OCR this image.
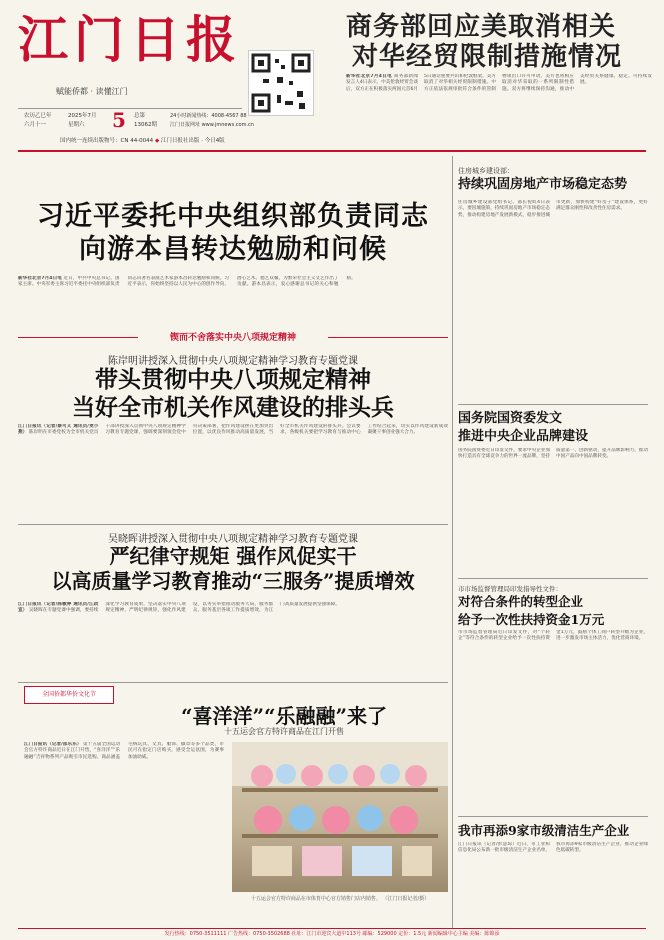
江门日报
赋能侨都 · 读懂江门
农历乙巳年
六月十一
2025年7月
星期六	5 总第
13062期
24小时新闻热线：4008-4567 88
江门日报网址 www.jmnews.com.cn
国内统一连续出版物号：CN 44-0044 ◆ 江门日报社出版 · 今日4版
商务部回应美取消相关
对华经贸限制措施情况
新华社北京7月4日电 商务部新闻发言人4日表示，中美伦敦经贸会谈后，双方正在积极落实两国元首6月5日通话重要共识和伦敦框架。美方取消了对华相关经贸限制措施。中方正依法依规审批符合条件的管制物项出口许可申请，美方也将相应取消对华采取的一系列限制性措施。双方将继续保持沟通，推动中美经贸关系健康、稳定、可持续发展。
习近平委托中央组织部负责同志
向游本昌转达勉励和问候
新华社北京7月4日电 近日，中共中央总书记、国家主席、中央军委主席习近平委托中央组织部负责同志向著名表演艺术家游本昌转达勉励和问候。习近平表示，你始终坚持以人民为中心的创作导向，潜心艺术、德艺双馨，为繁荣社会主义文艺作出了贡献。游本昌表示，衷心感谢总书记的关心和勉励。
锲而不舍落实中央八项规定精神
陈岸明讲授深入贯彻中央八项规定精神学习教育专题党课
带头贯彻中央八项规定精神
当好全市机关作风建设的排头兵
江门日报讯（记者/蔡可义 通讯员/麦小燕） 陈岸明在市委党校为全市机关党员干部讲授深入贯彻中央八项规定精神学习教育专题党课，强调要深刻领会党中央决策部署，把作风建设摆在更加突出位置，以优良作风推动高质量发展，当好全市机关作风建设的排头兵。会议要求，各级机关要把学习教育与推动中心工作结合起来，切实以作风建设新成效凝聚干事创业强大合力。
吴晓晖讲授深入贯彻中央八项规定精神学习教育专题党课
严纪律守规矩 强作风促实干
以高质量学习教育推动“三服务”提质增效
江门日报讯（记者/陈敏婷 通讯员/江政宣） 吴晓晖在专题党课中强调，要持续深化学习教育成果，坚决落实中央八项规定精神，严明纪律规矩，强化作风建设，以务实举措推动服务大局、服务群众、服务基层各项工作提质增效，为江门高质量发展提供坚强保障。
全国侨都华侨文化节
“喜洋洋”“乐融融”来了
十五运会官方特许商品在江门开售
江门日报讯（记者/邵乐乐） 第十五届全国运动会官方特许商品近日在江门开售，“喜洋洋”“乐融融”吉祥物系列产品吸引市民选购。商品涵盖毛绒玩具、文具、服饰、徽章等多个品类，市民可在指定门店购买，感受全运氛围，为赛事加油助威。
十五运会官方特许商品在市体育中心官方销售门店内销售。 （江门日报记者/摄）
住房城乡建设部：
持续巩固房地产市场稳定态势
住房城乡建设部党组书记、部长倪虹4日表示，要因城施策，持续巩固房地产市场稳定态势，推动构建房地产发展新模式，稳步推进城市更新，加快构建“好房子”建设体系，更好满足群众刚性和改善性住房需求。
国务院国资委发文
推进中央企业品牌建设
国务院国资委近日印发文件，要求中央企业加快打造具有全球竞争力的世界一流品牌，坚持质量第一、创新驱动，提升品牌影响力，推动中国产品向中国品牌转变。
市市场监督管理局印发指导性文件：
对符合条件的转型企业
给予一次性扶持资金1万元
市市场监督管理局近日印发文件，对“个转企”等符合条件的转型企业给予一次性扶持资金1万元，鼓励个体工商户转型升级为企业，进一步激发市场主体活力，优化营商环境。
我市再添9家市级清洁生产企业
江门日报讯（记者/彭慧琼）近日，市工业和信息化局公布新一批市级清洁生产企业名单，我市再添9家市级清洁生产企业，推动企业绿色低碳转型。
发行热线：0750-3511111 广告热线：0750-3502688 社址：江门市迎宾大道中113号 邮编：529000 定价：1.5元 新闻编辑中心主编 美编：陈锦添
